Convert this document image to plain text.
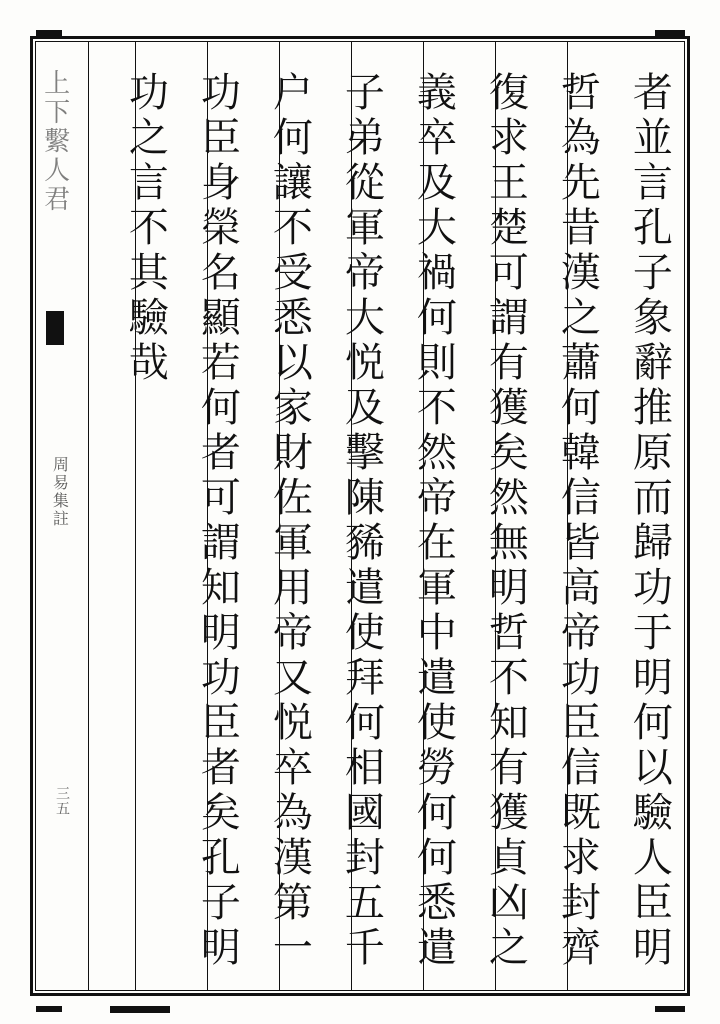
上下繫人君
周易集註
三五	者並言孔子象辭推原而歸功于明何以驗人臣明
哲為先昔漢之蕭何韓信皆高帝功臣信既求封齊
復求王楚可謂有獲矣然無明哲不知有獲貞凶之
義卒及大禍何則不然帝在軍中遣使勞何何悉遣
子弟從軍帝大悦及擊陳豨遣使拜何相國封五千
户何讓不受悉以家財佐軍用帝又悦卒為漢第一
功臣身榮名顯若何者可謂知明功臣者矣孔子明
功之言不其驗哉
